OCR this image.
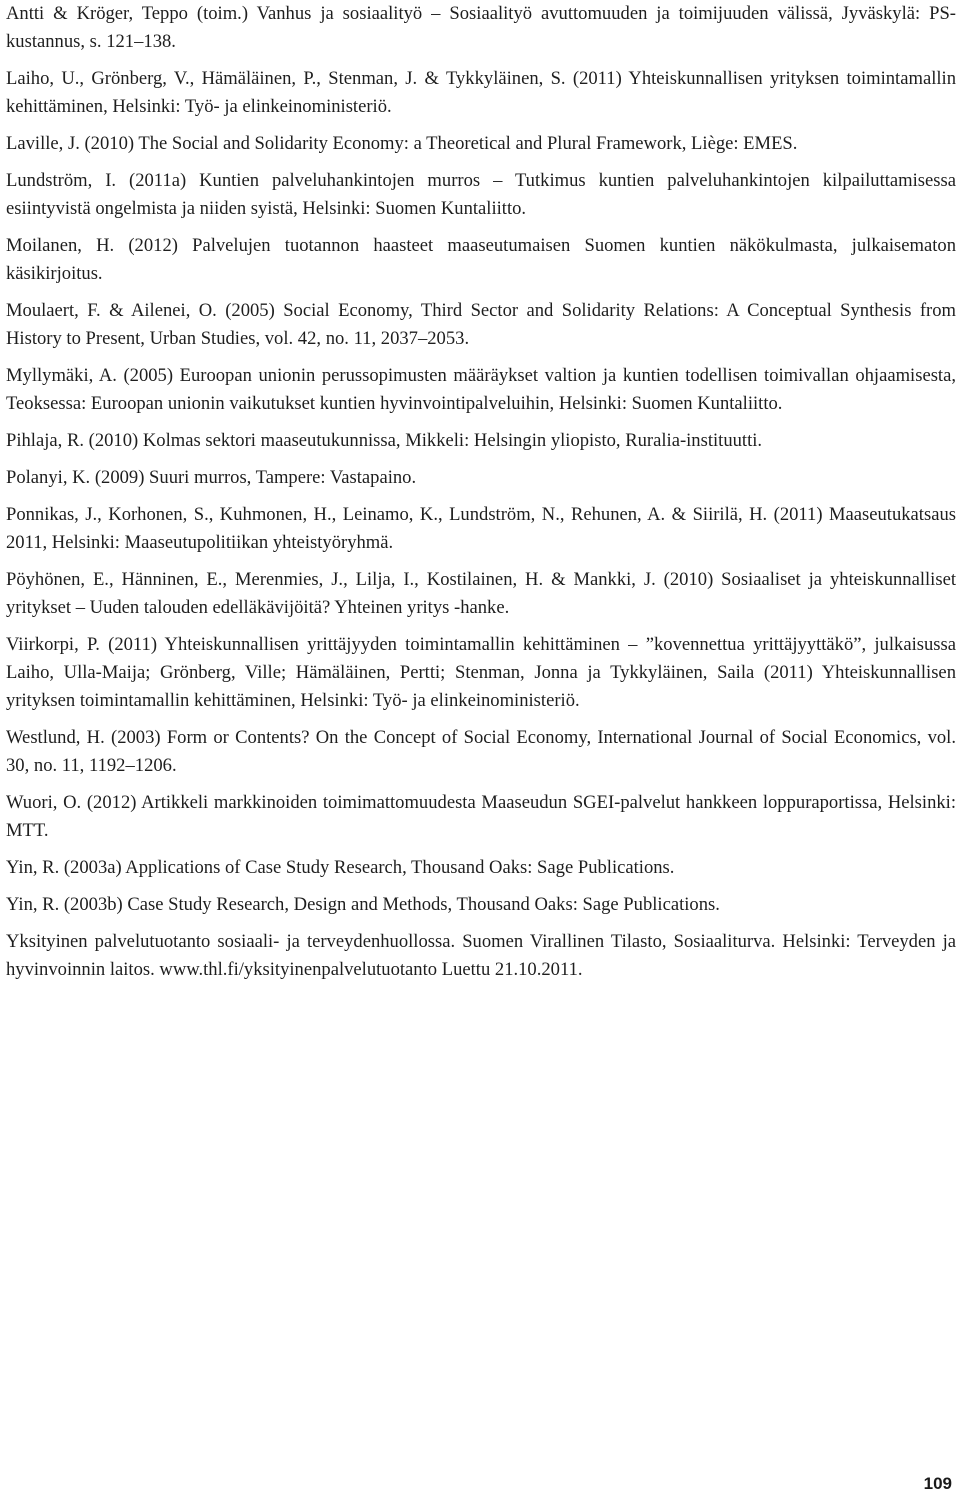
Antti & Kröger, Teppo (toim.) Vanhus ja sosiaalityö – Sosiaalityö avuttomuuden ja toimijuuden välissä, Jyväskylä: PS-kustannus, s. 121–138.

Laiho, U., Grönberg, V., Hämäläinen, P., Stenman, J. & Tykkyläinen, S. (2011) Yhteiskunnallisen yrityksen toimintamallin kehittäminen, Helsinki: Työ- ja elinkeinoministeriö.

Laville, J. (2010) The Social and Solidarity Economy: a Theoretical and Plural Framework, Liège: EMES.

Lundström, I. (2011a) Kuntien palveluhankintojen murros – Tutkimus kuntien palveluhankintojen kilpailuttamisessa esiintyvistä ongelmista ja niiden syistä, Helsinki: Suomen Kuntaliitto.

Moilanen, H. (2012) Palvelujen tuotannon haasteet maaseutumaisen Suomen kuntien näkökulmasta, julkaisematon käsikirjoitus.

Moulaert, F. & Ailenei, O. (2005) Social Economy, Third Sector and Solidarity Relations: A Conceptual Synthesis from History to Present, Urban Studies, vol. 42, no. 11, 2037–2053.

Myllymäki, A. (2005) Euroopan unionin perussopimusten määräykset valtion ja kuntien todellisen toimivallan ohjaamisesta, Teoksessa: Euroopan unionin vaikutukset kuntien hyvinvointipalveluihin, Helsinki: Suomen Kuntaliitto.

Pihlaja, R. (2010) Kolmas sektori maaseutukunnissa, Mikkeli: Helsingin yliopisto, Ruralia-instituutti.

Polanyi, K. (2009) Suuri murros, Tampere: Vastapaino.

Ponnikas, J., Korhonen, S., Kuhmonen, H., Leinamo, K., Lundström, N., Rehunen, A. & Siirilä, H. (2011) Maaseutukatsaus 2011, Helsinki: Maaseutupolitiikan yhteistyöryhmä.

Pöyhönen, E., Hänninen, E., Merenmies, J., Lilja, I., Kostilainen, H. & Mankki, J. (2010) Sosiaaliset ja yhteiskunnalliset yritykset – Uuden talouden edelläkävijöitä? Yhteinen yritys -hanke.

Viirkorpi, P. (2011) Yhteiskunnallisen yrittäjyyden toimintamallin kehittäminen – ”kovennettua yrittäjyyttäkö”, julkaisussa Laiho, Ulla-Maija; Grönberg, Ville; Hämäläinen, Pertti; Stenman, Jonna ja Tykkyläinen, Saila (2011) Yhteiskunnallisen yrityksen toimintamallin kehittäminen, Helsinki: Työ- ja elinkeinoministeriö.

Westlund, H. (2003) Form or Contents? On the Concept of Social Economy, International Journal of Social Economics, vol. 30, no. 11, 1192–1206.

Wuori, O. (2012) Artikkeli markkinoiden toimimattomuudesta Maaseudun SGEI-palvelut hankkeen loppuraportissa, Helsinki: MTT.

Yin, R. (2003a) Applications of Case Study Research, Thousand Oaks: Sage Publications.

Yin, R. (2003b) Case Study Research, Design and Methods, Thousand Oaks: Sage Publications.

Yksityinen palvelutuotanto sosiaali- ja terveydenhuollossa. Suomen Virallinen Tilasto, Sosiaaliturva. Helsinki: Terveyden ja hyvinvoinnin laitos. www.thl.fi/yksityinenpalvelutuotanto Luettu 21.10.2011.

109
